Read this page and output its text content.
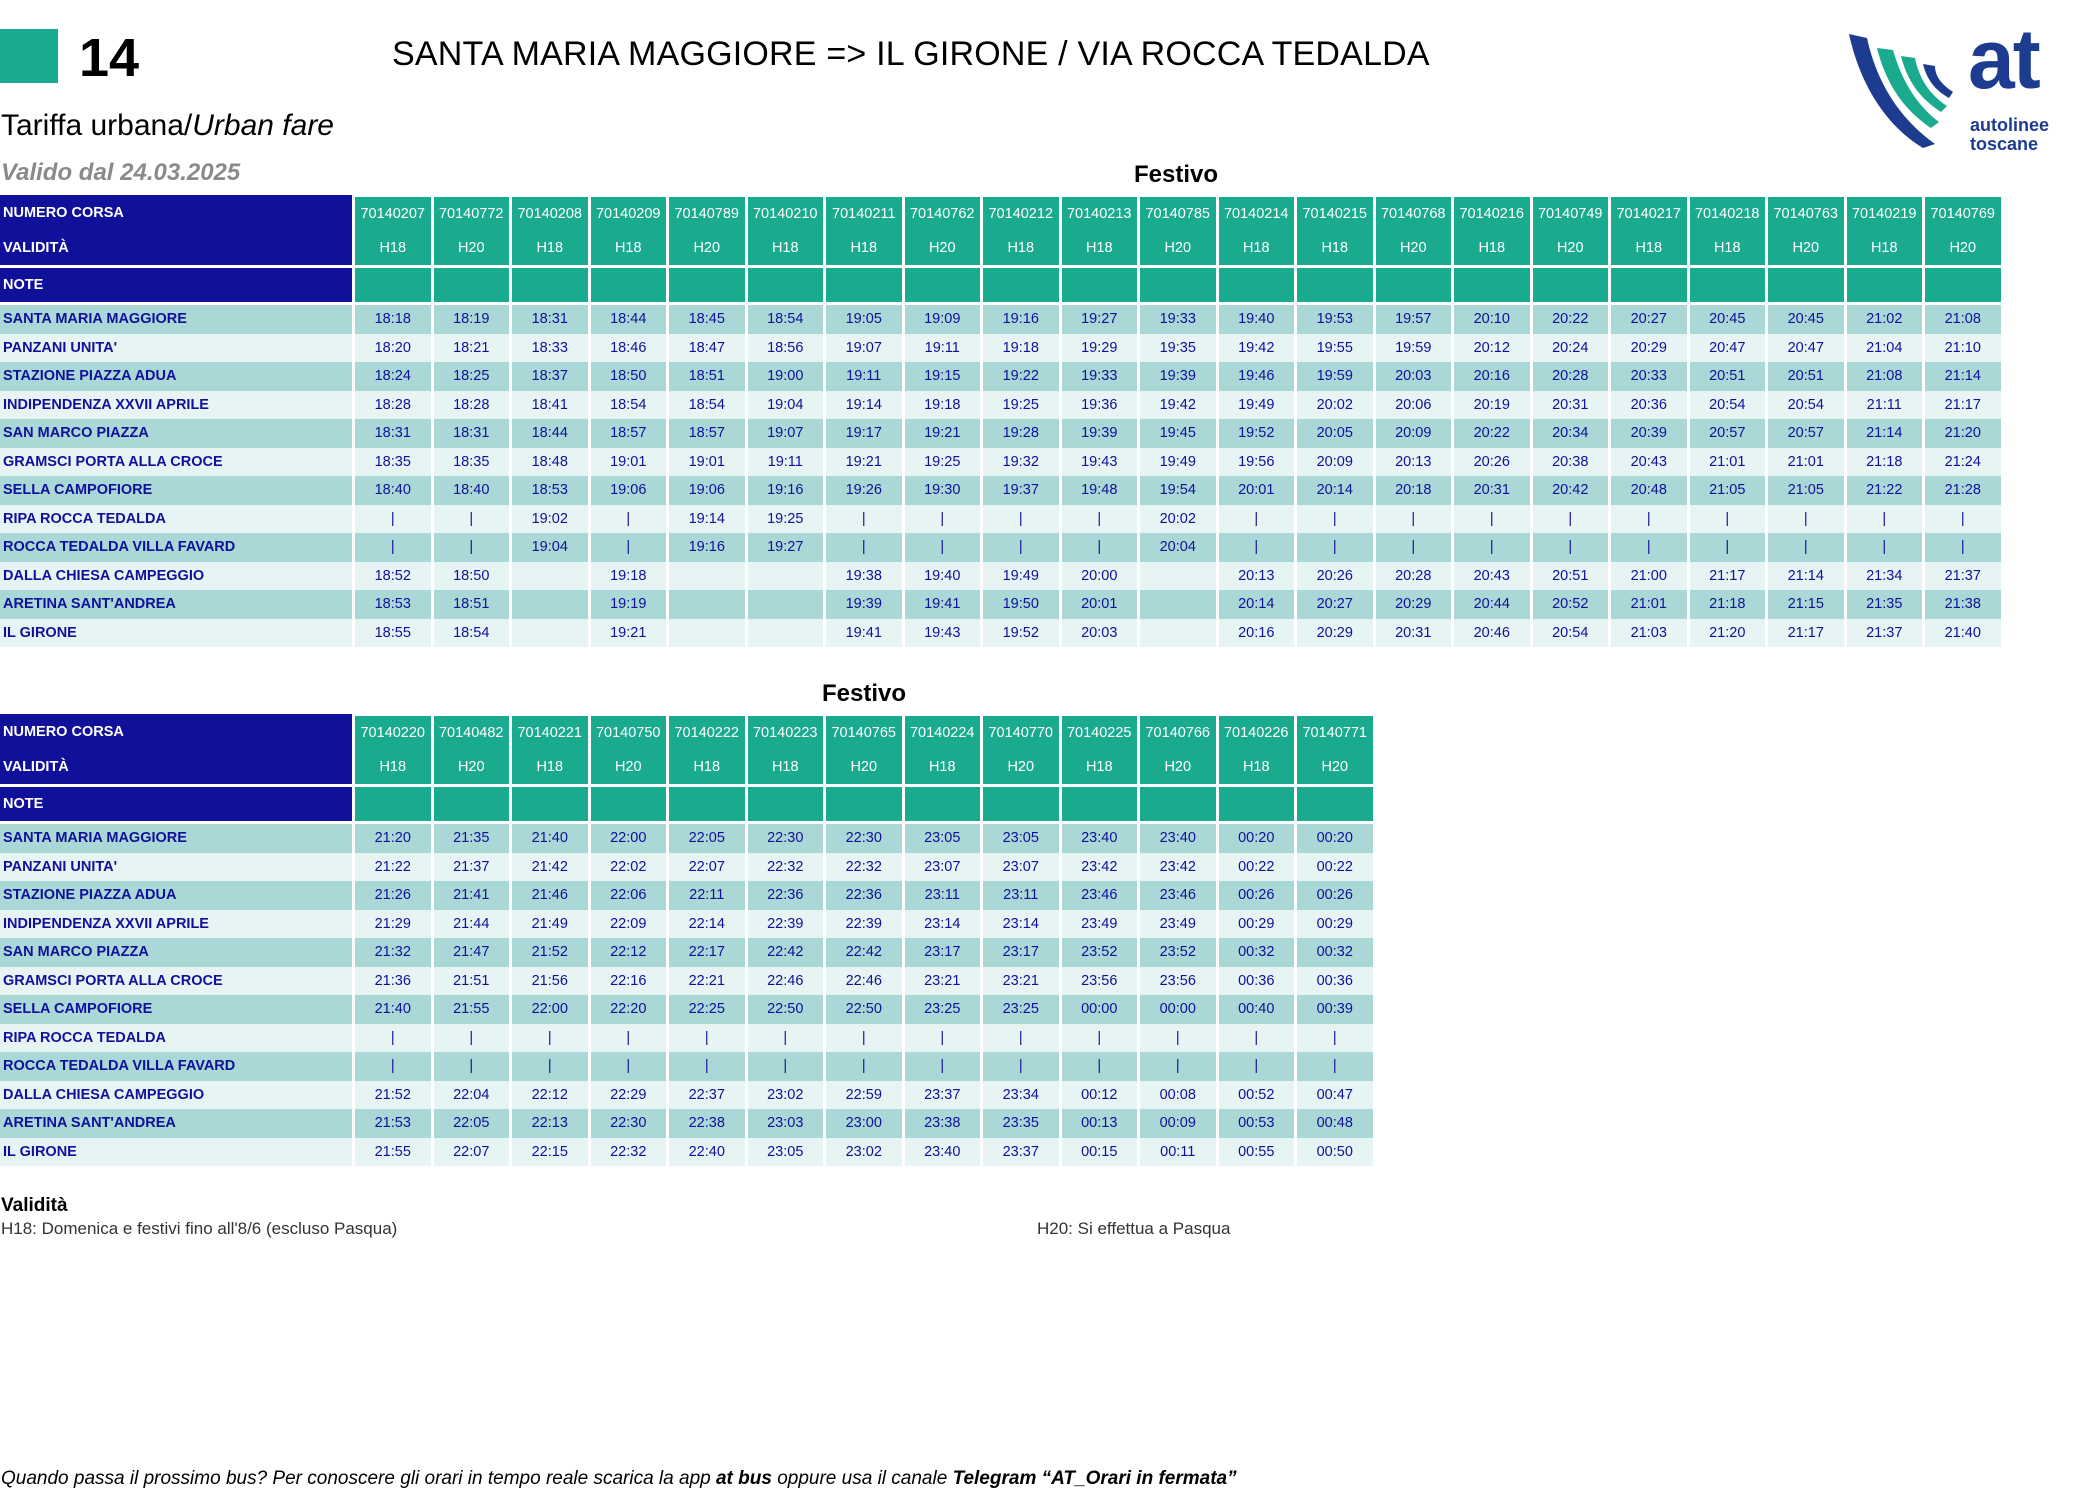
14	SANTA MARIA MAGGIORE => IL GIRONE / VIA ROCCA TEDALDA
Tariffa urbana/Urban fare
Valido dal 24.03.2025
at
autolinee
toscane
Festivo
NUMERO CORSA	70140207	70140772	70140208	70140209	70140789	70140210	70140211	70140762	70140212	70140213	70140785	70140214	70140215	70140768	70140216	70140749	70140217	70140218	70140763	70140219	70140769
VALIDITÀ	H18	H20	H18	H18	H20	H18	H18	H20	H18	H18	H20	H18	H18	H20	H18	H20	H18	H18	H20	H18	H20

NOTE																					

SANTA MARIA MAGGIORE	18:18	18:19	18:31	18:44	18:45	18:54	19:05	19:09	19:16	19:27	19:33	19:40	19:53	19:57	20:10	20:22	20:27	20:45	20:45	21:02	21:08
PANZANI UNITA'	18:20	18:21	18:33	18:46	18:47	18:56	19:07	19:11	19:18	19:29	19:35	19:42	19:55	19:59	20:12	20:24	20:29	20:47	20:47	21:04	21:10
STAZIONE PIAZZA ADUA	18:24	18:25	18:37	18:50	18:51	19:00	19:11	19:15	19:22	19:33	19:39	19:46	19:59	20:03	20:16	20:28	20:33	20:51	20:51	21:08	21:14
INDIPENDENZA XXVII APRILE	18:28	18:28	18:41	18:54	18:54	19:04	19:14	19:18	19:25	19:36	19:42	19:49	20:02	20:06	20:19	20:31	20:36	20:54	20:54	21:11	21:17
SAN MARCO PIAZZA	18:31	18:31	18:44	18:57	18:57	19:07	19:17	19:21	19:28	19:39	19:45	19:52	20:05	20:09	20:22	20:34	20:39	20:57	20:57	21:14	21:20
GRAMSCI PORTA ALLA CROCE	18:35	18:35	18:48	19:01	19:01	19:11	19:21	19:25	19:32	19:43	19:49	19:56	20:09	20:13	20:26	20:38	20:43	21:01	21:01	21:18	21:24
SELLA CAMPOFIORE	18:40	18:40	18:53	19:06	19:06	19:16	19:26	19:30	19:37	19:48	19:54	20:01	20:14	20:18	20:31	20:42	20:48	21:05	21:05	21:22	21:28
RIPA ROCCA TEDALDA	|	|	19:02	|	19:14	19:25	|	|	|	|	20:02	|	|	|	|	|	|	|	|	|	|
ROCCA TEDALDA VILLA FAVARD	|	|	19:04	|	19:16	19:27	|	|	|	|	20:04	|	|	|	|	|	|	|	|	|	|
DALLA CHIESA CAMPEGGIO	18:52	18:50		19:18			19:38	19:40	19:49	20:00		20:13	20:26	20:28	20:43	20:51	21:00	21:17	21:14	21:34	21:37
ARETINA SANT'ANDREA	18:53	18:51		19:19			19:39	19:41	19:50	20:01		20:14	20:27	20:29	20:44	20:52	21:01	21:18	21:15	21:35	21:38
IL GIRONE	18:55	18:54		19:21			19:41	19:43	19:52	20:03		20:16	20:29	20:31	20:46	20:54	21:03	21:20	21:17	21:37	21:40
Festivo
NUMERO CORSA	70140220	70140482	70140221	70140750	70140222	70140223	70140765	70140224	70140770	70140225	70140766	70140226	70140771
VALIDITÀ	H18	H20	H18	H20	H18	H18	H20	H18	H20	H18	H20	H18	H20

NOTE													

SANTA MARIA MAGGIORE	21:20	21:35	21:40	22:00	22:05	22:30	22:30	23:05	23:05	23:40	23:40	00:20	00:20
PANZANI UNITA'	21:22	21:37	21:42	22:02	22:07	22:32	22:32	23:07	23:07	23:42	23:42	00:22	00:22
STAZIONE PIAZZA ADUA	21:26	21:41	21:46	22:06	22:11	22:36	22:36	23:11	23:11	23:46	23:46	00:26	00:26
INDIPENDENZA XXVII APRILE	21:29	21:44	21:49	22:09	22:14	22:39	22:39	23:14	23:14	23:49	23:49	00:29	00:29
SAN MARCO PIAZZA	21:32	21:47	21:52	22:12	22:17	22:42	22:42	23:17	23:17	23:52	23:52	00:32	00:32
GRAMSCI PORTA ALLA CROCE	21:36	21:51	21:56	22:16	22:21	22:46	22:46	23:21	23:21	23:56	23:56	00:36	00:36
SELLA CAMPOFIORE	21:40	21:55	22:00	22:20	22:25	22:50	22:50	23:25	23:25	00:00	00:00	00:40	00:39
RIPA ROCCA TEDALDA	|	|	|	|	|	|	|	|	|	|	|	|	|
ROCCA TEDALDA VILLA FAVARD	|	|	|	|	|	|	|	|	|	|	|	|	|
DALLA CHIESA CAMPEGGIO	21:52	22:04	22:12	22:29	22:37	23:02	22:59	23:37	23:34	00:12	00:08	00:52	00:47
ARETINA SANT'ANDREA	21:53	22:05	22:13	22:30	22:38	23:03	23:00	23:38	23:35	00:13	00:09	00:53	00:48
IL GIRONE	21:55	22:07	22:15	22:32	22:40	23:05	23:02	23:40	23:37	00:15	00:11	00:55	00:50
Validità
H18: Domenica e festivi fino all'8/6 (escluso Pasqua)	H20: Si effettua a Pasqua
Quando passa il prossimo bus? Per conoscere gli orari in tempo reale scarica la app at bus oppure usa il canale Telegram “AT_Orari in fermata”
